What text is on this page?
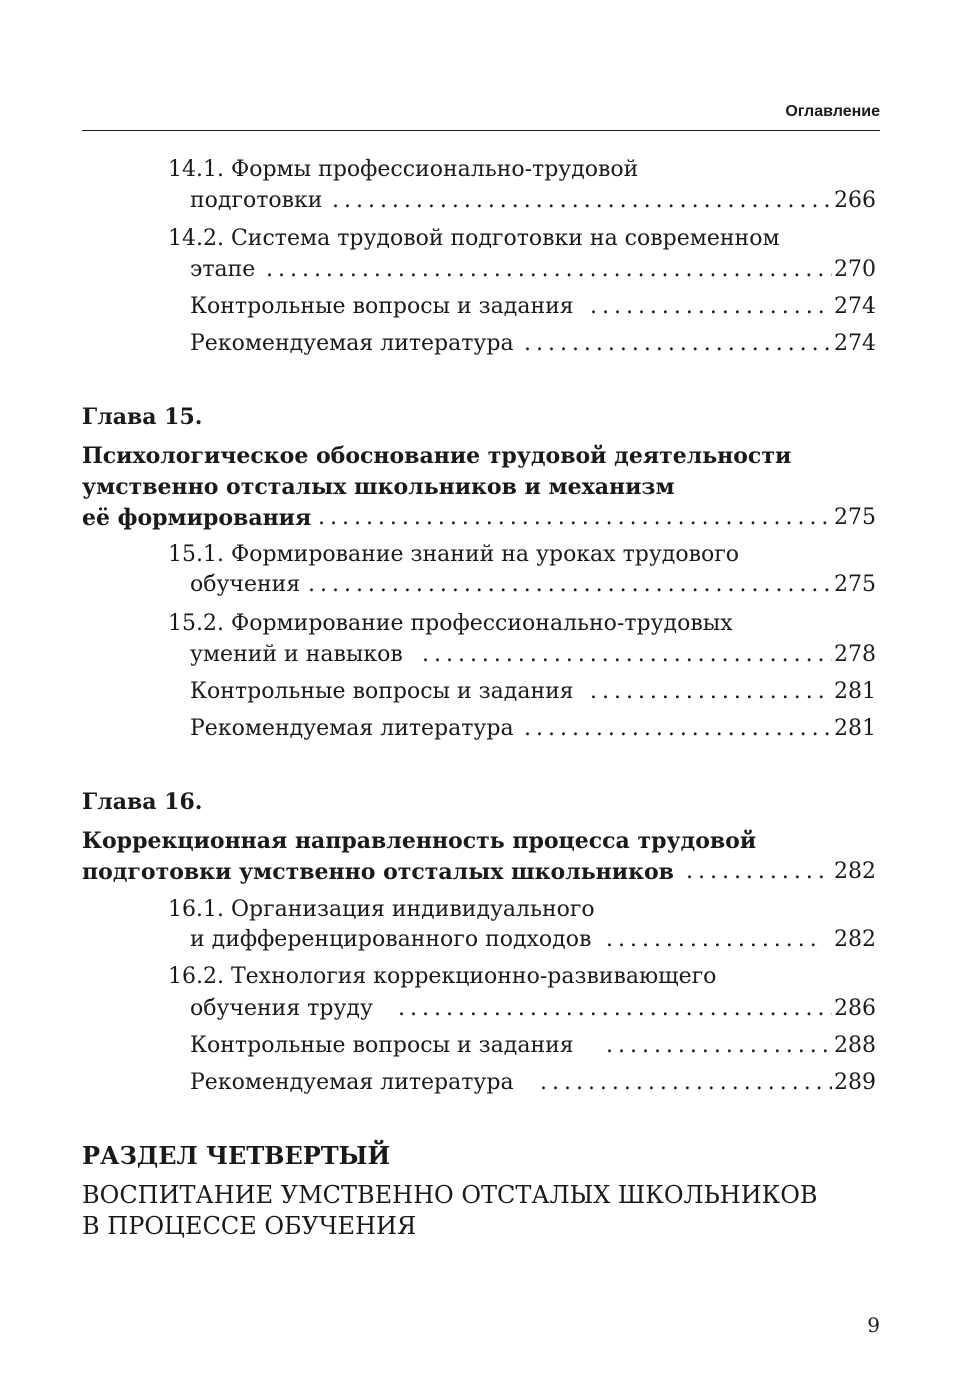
Оглавление
14.1. Формы профессионально-трудовой
подготовки . . .	266
14.2. Система трудовой подготовки на современном
этапе . . .	270
Контрольные вопросы и задания . . .	274
Рекомендуемая литература . . .	274
Глава 15.
Психологическое обоснование трудовой деятельности
умственно отсталых школьников и механизм
её формирования . . .	275
15.1. Формирование знаний на уроках трудового
обучения . . .	275
15.2. Формирование профессионально-трудовых
умений и навыков . . .	278
Контрольные вопросы и задания . . .	281
Рекомендуемая литература . . .	281
Глава 16.
Коррекционная направленность процесса трудовой
подготовки умственно отсталых школьников . . .	282
16.1. Организация индивидуального
и дифференцированного подходов . . .	282
16.2. Технология коррекционно-развивающего
обучения труду . . .	286
Контрольные вопросы и задания . . .	288
Рекомендуемая литература . . .	289
РАЗДЕЛ ЧЕТВЕРТЫЙ
ВОСПИТАНИЕ УМСТВЕННО ОТСТАЛЫХ ШКОЛЬНИКОВ
В ПРОЦЕССЕ ОБУЧЕНИЯ
9
